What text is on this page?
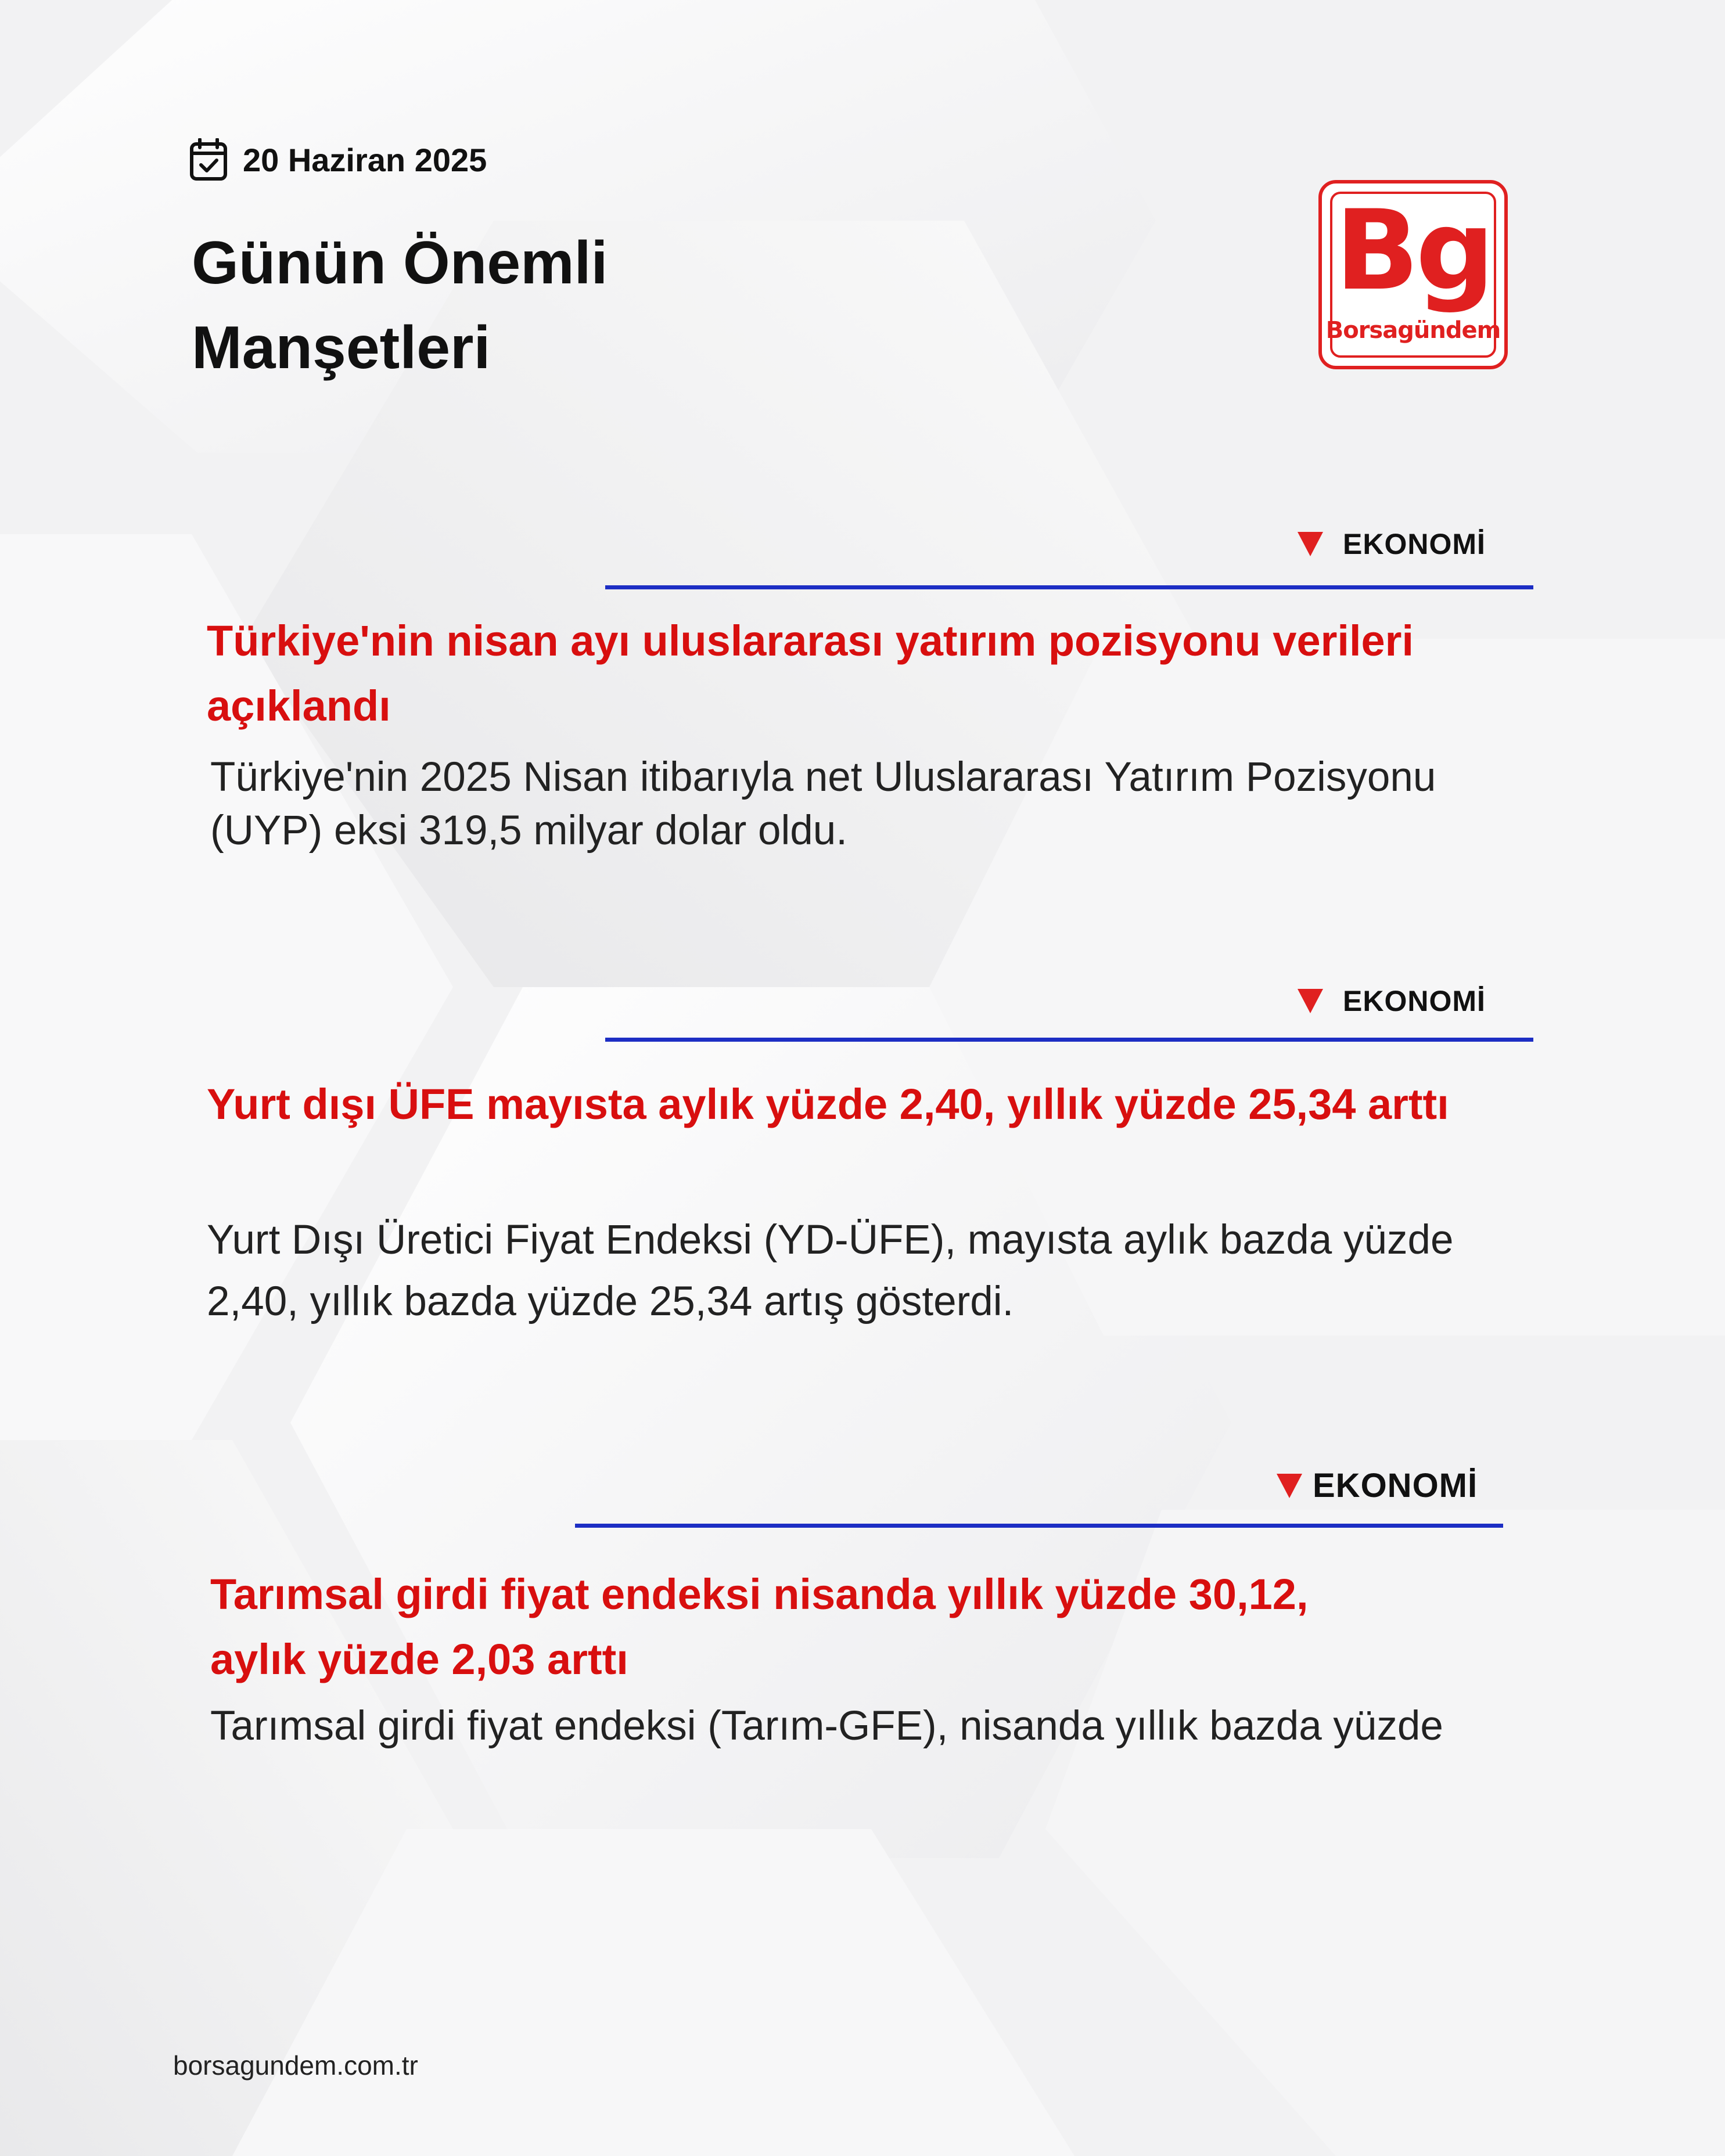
20 Haziran 2025
Günün Önemli Manşetleri
Bg
Borsagündem
EKONOMİ
Türkiye'nin nisan ayı uluslararası yatırım pozisyonu verileri açıklandı
Türkiye'nin 2025 Nisan itibarıyla net Uluslararası Yatırım Pozisyonu (UYP) eksi 319,5 milyar dolar oldu.
EKONOMİ
Yurt dışı ÜFE mayısta aylık yüzde 2,40, yıllık yüzde 25,34 arttı
Yurt Dışı Üretici Fiyat Endeksi (YD-ÜFE), mayısta aylık bazda yüzde 2,40, yıllık bazda yüzde 25,34 artış gösterdi.
EKONOMİ
Tarımsal girdi fiyat endeksi nisanda yıllık yüzde 30,12, aylık yüzde 2,03 arttı
Tarımsal girdi fiyat endeksi (Tarım-GFE), nisanda yıllık bazda yüzde
borsagundem.com.tr
